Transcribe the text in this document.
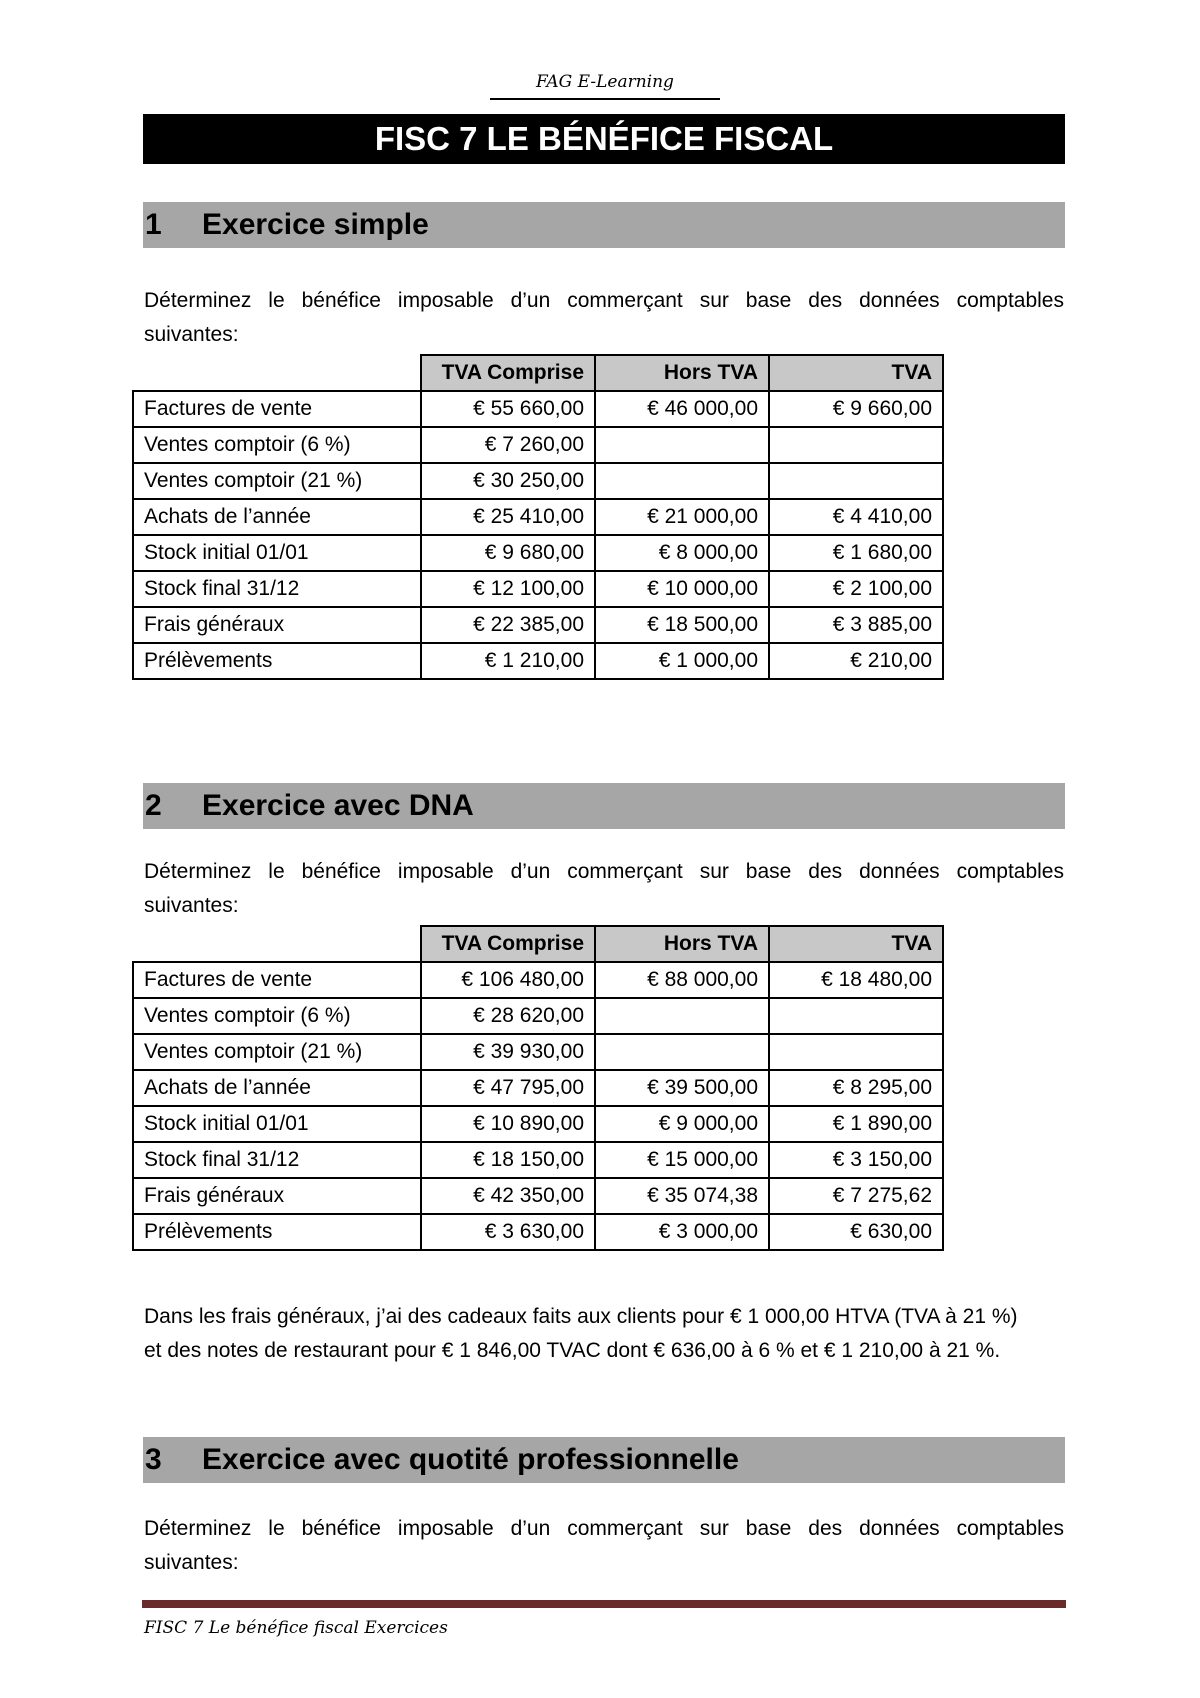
FAG E-Learning
FISC 7 LE BÉNÉFICE FISCAL
1	Exercice simple
Déterminez le bénéfice imposable d’un commerçant sur base des données comptables
suivantes:
	TVA Comprise	Hors TVA	TVA
Factures de vente	€ 55 660,00	€ 46 000,00	€ 9 660,00
Ventes comptoir (6 %)	€ 7 260,00		
Ventes comptoir (21 %)	€ 30 250,00		
Achats de l’année	€ 25 410,00	€ 21 000,00	€ 4 410,00
Stock initial 01/01	€ 9 680,00	€ 8 000,00	€ 1 680,00
Stock final 31/12	€ 12 100,00	€ 10 000,00	€ 2 100,00
Frais généraux	€ 22 385,00	€ 18 500,00	€ 3 885,00
Prélèvements	€ 1 210,00	€ 1 000,00	€ 210,00
2	Exercice avec DNA
Déterminez le bénéfice imposable d’un commerçant sur base des données comptables
suivantes:
	TVA Comprise	Hors TVA	TVA
Factures de vente	€ 106 480,00	€ 88 000,00	€ 18 480,00
Ventes comptoir (6 %)	€ 28 620,00		
Ventes comptoir (21 %)	€ 39 930,00		
Achats de l’année	€ 47 795,00	€ 39 500,00	€ 8 295,00
Stock initial 01/01	€ 10 890,00	€ 9 000,00	€ 1 890,00
Stock final 31/12	€ 18 150,00	€ 15 000,00	€ 3 150,00
Frais généraux	€ 42 350,00	€ 35 074,38	€ 7 275,62
Prélèvements	€ 3 630,00	€ 3 000,00	€ 630,00
Dans les frais généraux, j’ai des cadeaux faits aux clients pour € 1 000,00 HTVA (TVA à 21 %)
et des notes de restaurant pour € 1 846,00 TVAC dont € 636,00 à 6 % et € 1 210,00 à 21 %.
3	Exercice avec quotité professionnelle
Déterminez le bénéfice imposable d’un commerçant sur base des données comptables
suivantes:
FISC 7 Le bénéfice fiscal Exercices
